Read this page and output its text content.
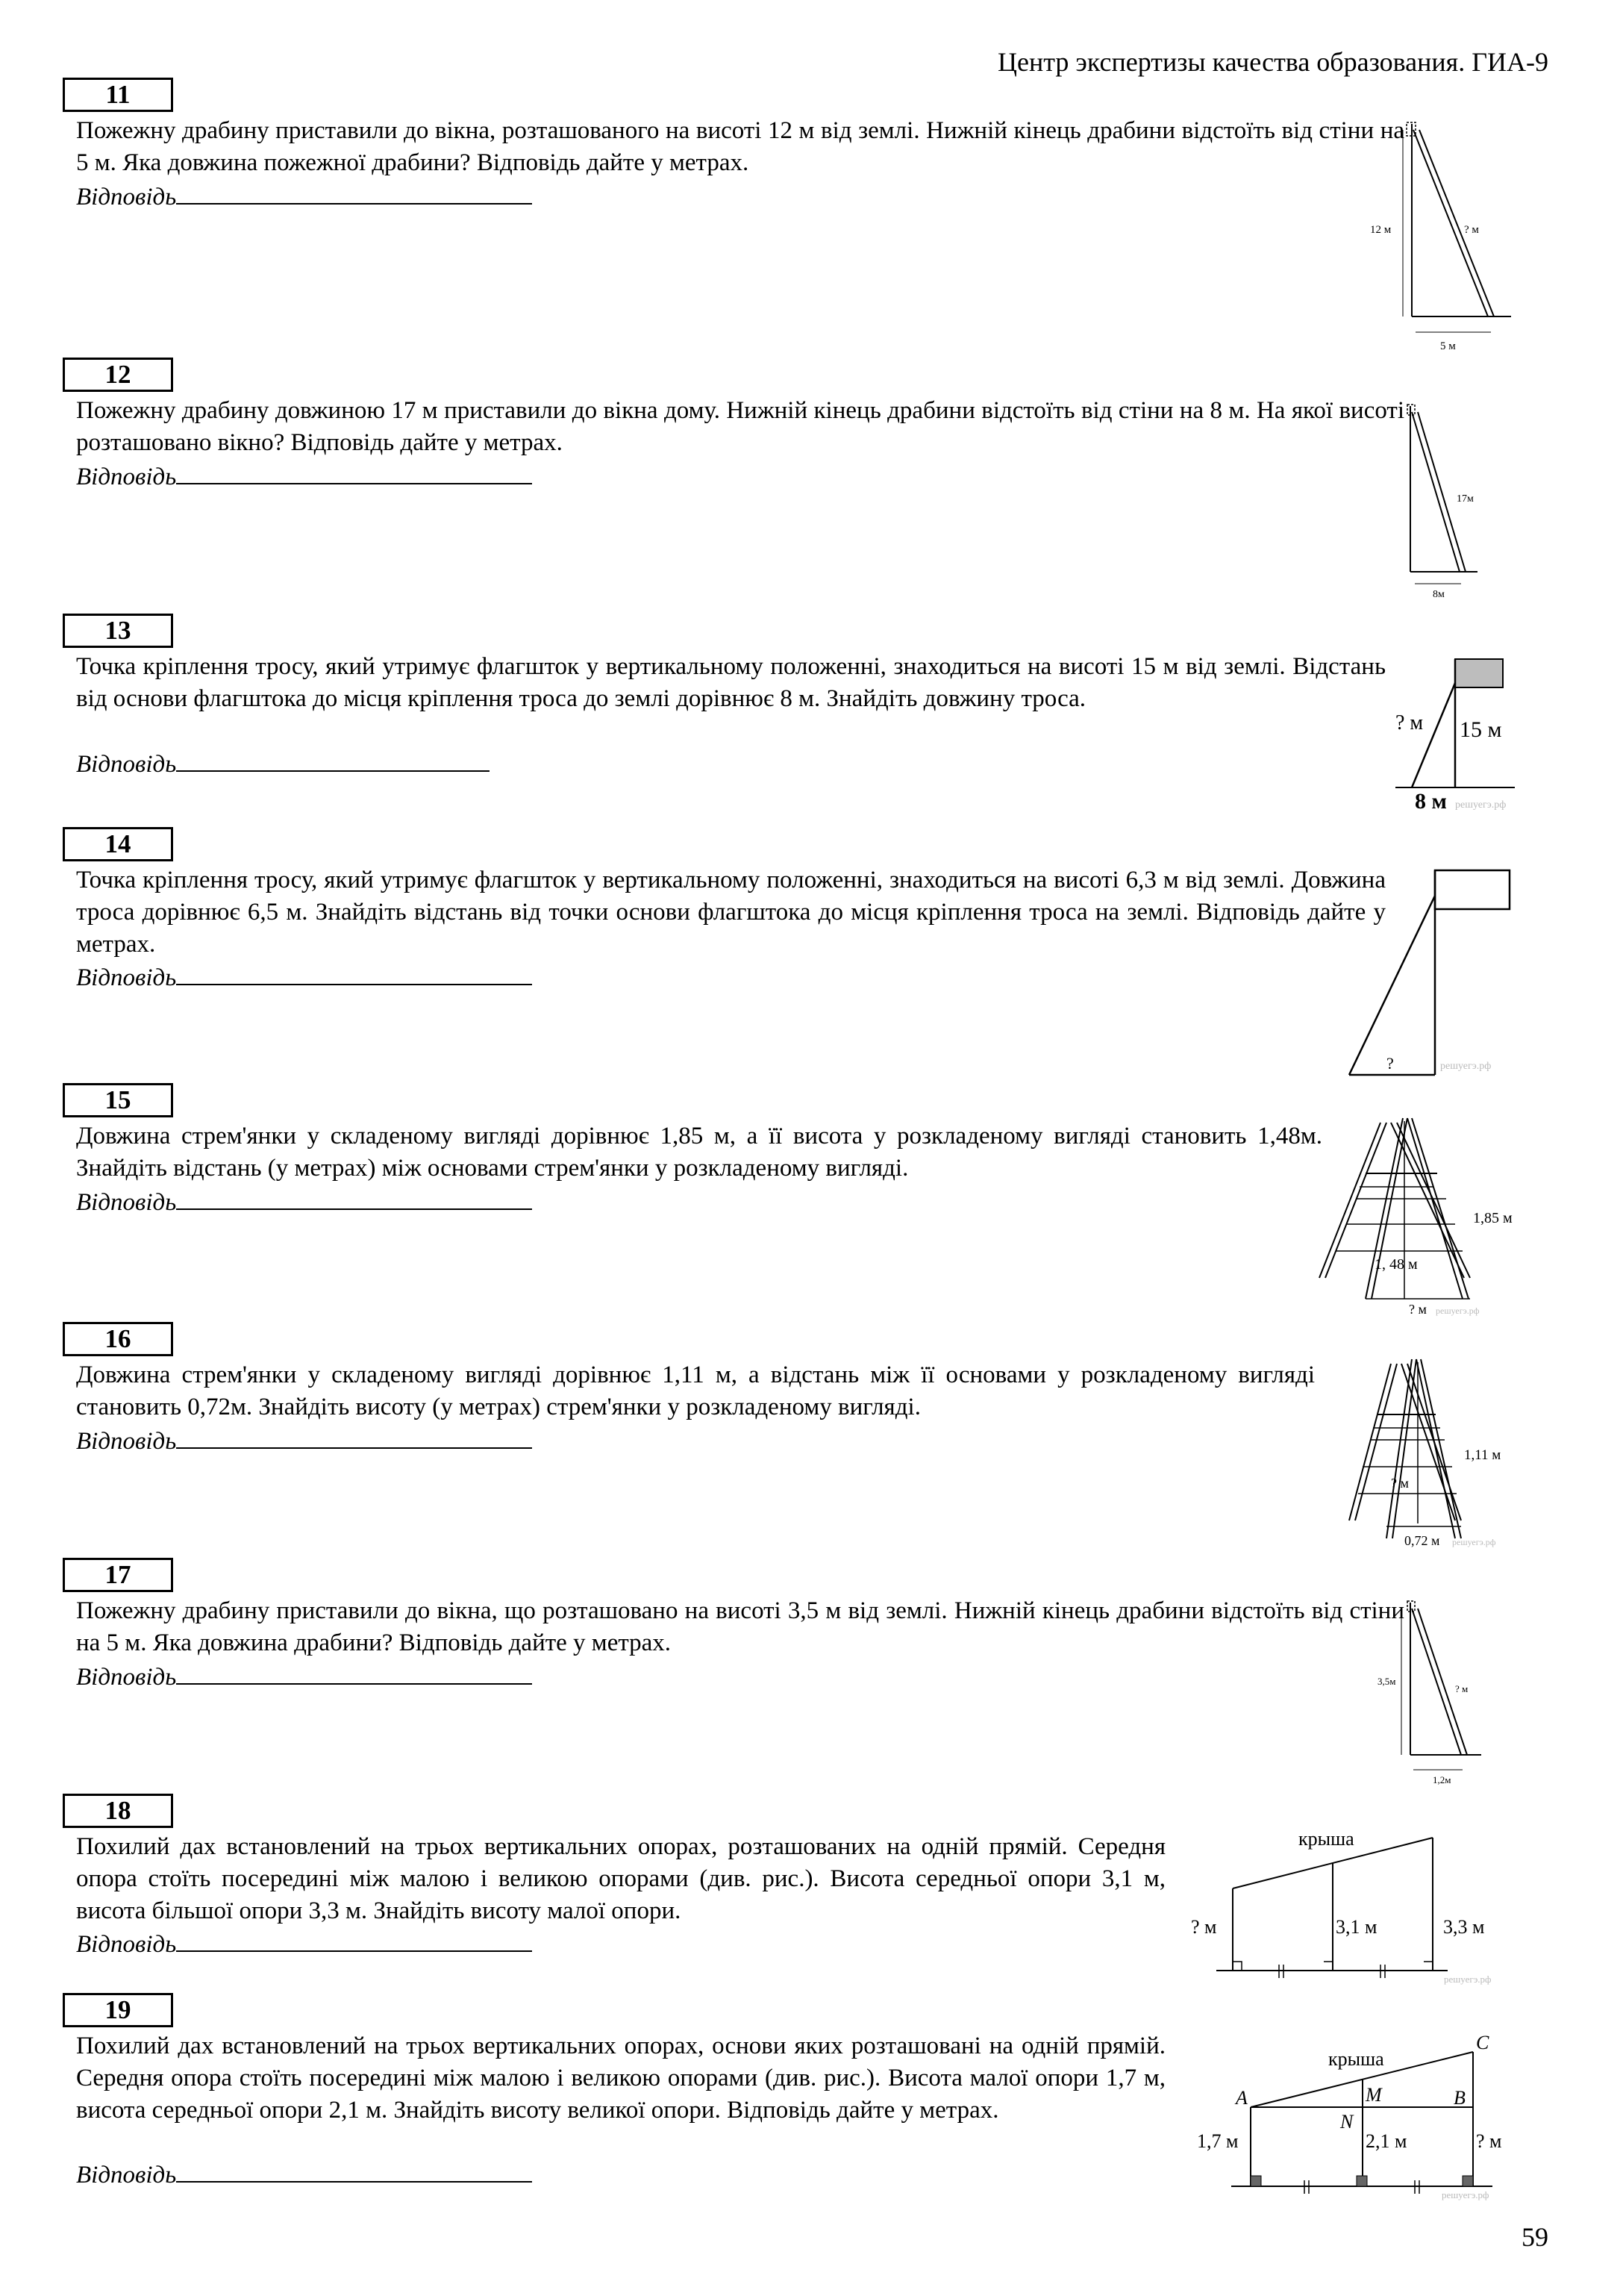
Центр экспертизы качества образования. ГИА-9
11
Пожежну драбину приставили до вікна, розташованого на висоті 12 м від землі. Нижній кінець драбини відстоїть від стіни на 5 м. Яка довжина пожежної драбини? Відповідь дайте у метрах.
Відповідь
12 м	? м
5 м
12
Пожежну драбину довжиною 17 м приставили до вікна дому. Нижній кінець драбини відстоїть від стіни на 8 м. На якої висоті розташовано вікно? Відповідь дайте у метрах.
Відповідь
17м
8м
13
Точка кріплення тросу, який утримує флагшток у вертикальному положенні, знаходиться на висоті 15 м від землі. Відстань від основи флагштока до місця кріплення троса до землі дорівнює 8 м. Знайдіть довжину троса.
Відповідь
? м 15 м
8 м решуегэ.рф
14
Точка кріплення тросу, який утримує флагшток у вертикальному положенні, знаходиться на висоті 6,3 м від землі. Довжина троса дорівнює 6,5 м. Знайдіть відстань від точки основи флагштока до місця кріплення троса на землі. Відповідь дайте у метрах.
Відповідь
?	решуегэ.рф
15
Довжина стрем'янки у складеному вигляді дорівнює 1,85 м, а її висота у розкладеному вигляді становить 1,48м. Знайдіть відстань (у метрах) між основами стрем'янки у розкладеному вигляді.
Відповідь
1,85 м
1, 48 м
? м решуегэ.рф
16
Довжина стрем'янки у складеному вигляді дорівнює 1,11 м, а відстань між її основами у розкладеному вигляді становить 0,72м. Знайдіть висоту (у метрах) стрем'янки у розкладеному вигляді.
Відповідь
1,11 м
? м
0,72 м решуегэ.рф
17
Пожежну драбину приставили до вікна, що розташовано на висоті 3,5 м від землі. Нижній кінець драбини відстоїть від стіни на 5 м. Яка довжина драбини? Відповідь дайте у метрах.
Відповідь	3,5м
? м
1,2м
18
Похилий дах встановлений на трьох вертикальних опорах, розташованих на одній прямій. Середня опора стоїть посередині між малою і великою опорами (див. рис.). Висота середньої опори 3,1 м, висота більшої опори 3,3 м. Знайдіть висоту малої опори.
Відповідь
крыша
? м	3,1 м	3,3 м
решуегэ.рф
19
Похилий дах встановлений на трьох вертикальних опорах, основи яких розташовані на одній прямій. Середня опора стоїть посередині між малою і великою опорами (див. рис.). Висота малої опори 1,7 м, висота середньої опори 2,1 м. Знайдіть висоту великої опори. Відповідь дайте у метрах.
Відповідь
крыша
C
A	M	B
N
1,7 м	2,1 м	? м
решуегэ.рф
59
